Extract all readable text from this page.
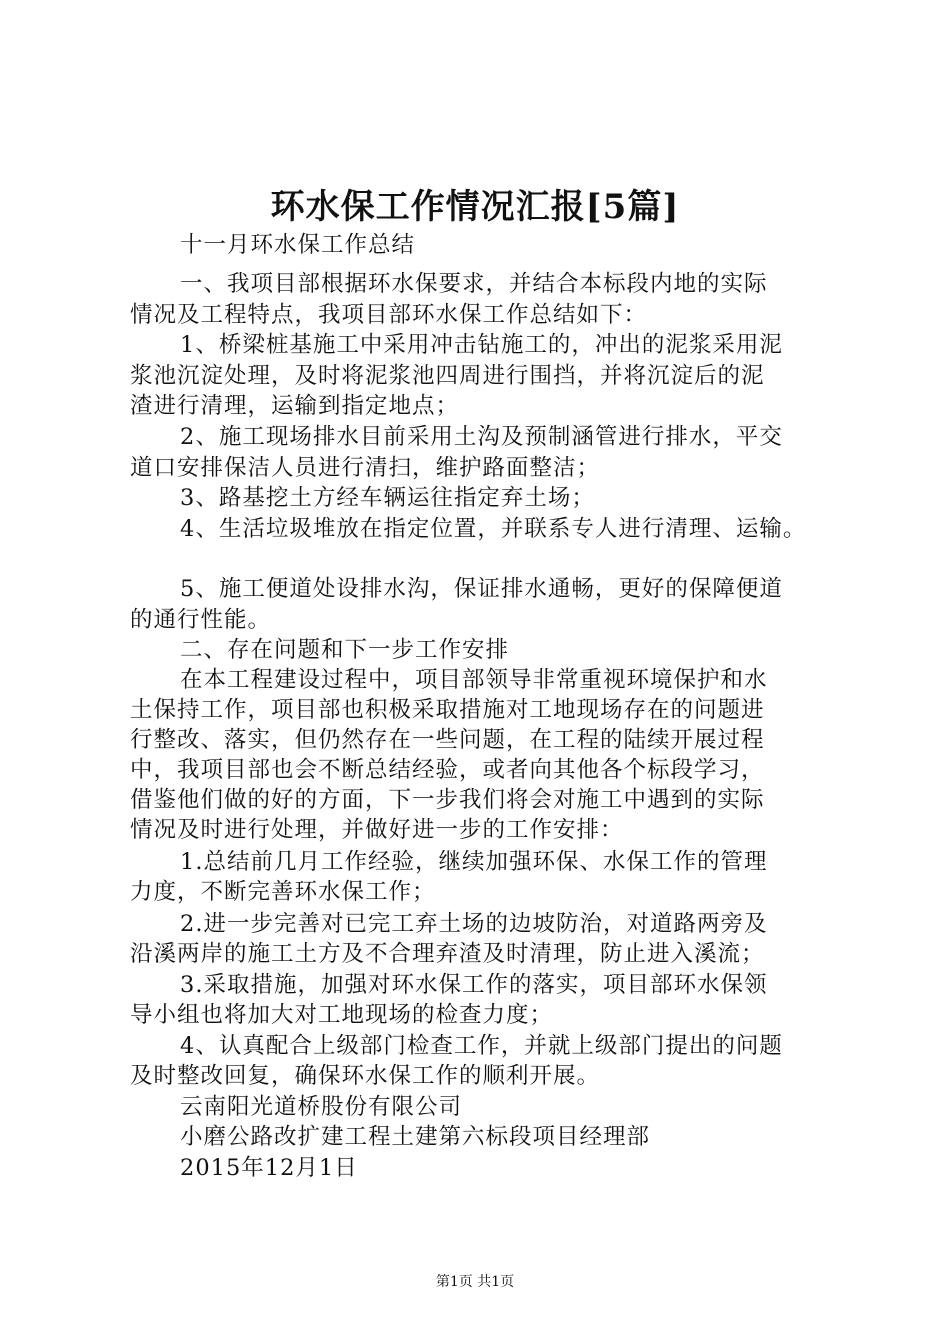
环水保工作情况汇报[5篇]
十一月环水保工作总结
一、我项目部根据环水保要求，并结合本标段内地的实际
情况及工程特点，我项目部环水保工作总结如下：
1、桥梁桩基施工中采用冲击钻施工的，冲出的泥浆采用泥
浆池沉淀处理，及时将泥浆池四周进行围挡，并将沉淀后的泥
渣进行清理，运输到指定地点；
2、施工现场排水目前采用土沟及预制涵管进行排水，平交
道口安排保洁人员进行清扫，维护路面整洁；
3、路基挖土方经车辆运往指定弃土场；
4、生活垃圾堆放在指定位置，并联系专人进行清理、运输。
5、施工便道处设排水沟，保证排水通畅，更好的保障便道
的通行性能。
二、存在问题和下一步工作安排
在本工程建设过程中，项目部领导非常重视环境保护和水
土保持工作，项目部也积极采取措施对工地现场存在的问题进
行整改、落实，但仍然存在一些问题，在工程的陆续开展过程
中，我项目部也会不断总结经验，或者向其他各个标段学习，
借鉴他们做的好的方面，下一步我们将会对施工中遇到的实际
情况及时进行处理，并做好进一步的工作安排：
1.总结前几月工作经验，继续加强环保、水保工作的管理
力度，不断完善环水保工作；
2.进一步完善对已完工弃土场的边坡防治，对道路两旁及
沿溪两岸的施工土方及不合理弃渣及时清理，防止进入溪流；
3.采取措施，加强对环水保工作的落实，项目部环水保领
导小组也将加大对工地现场的检查力度；
4、认真配合上级部门检查工作，并就上级部门提出的问题
及时整改回复，确保环水保工作的顺利开展。
云南阳光道桥股份有限公司
小磨公路改扩建工程土建第六标段项目经理部
2015年12月1日
第1页 共1页
